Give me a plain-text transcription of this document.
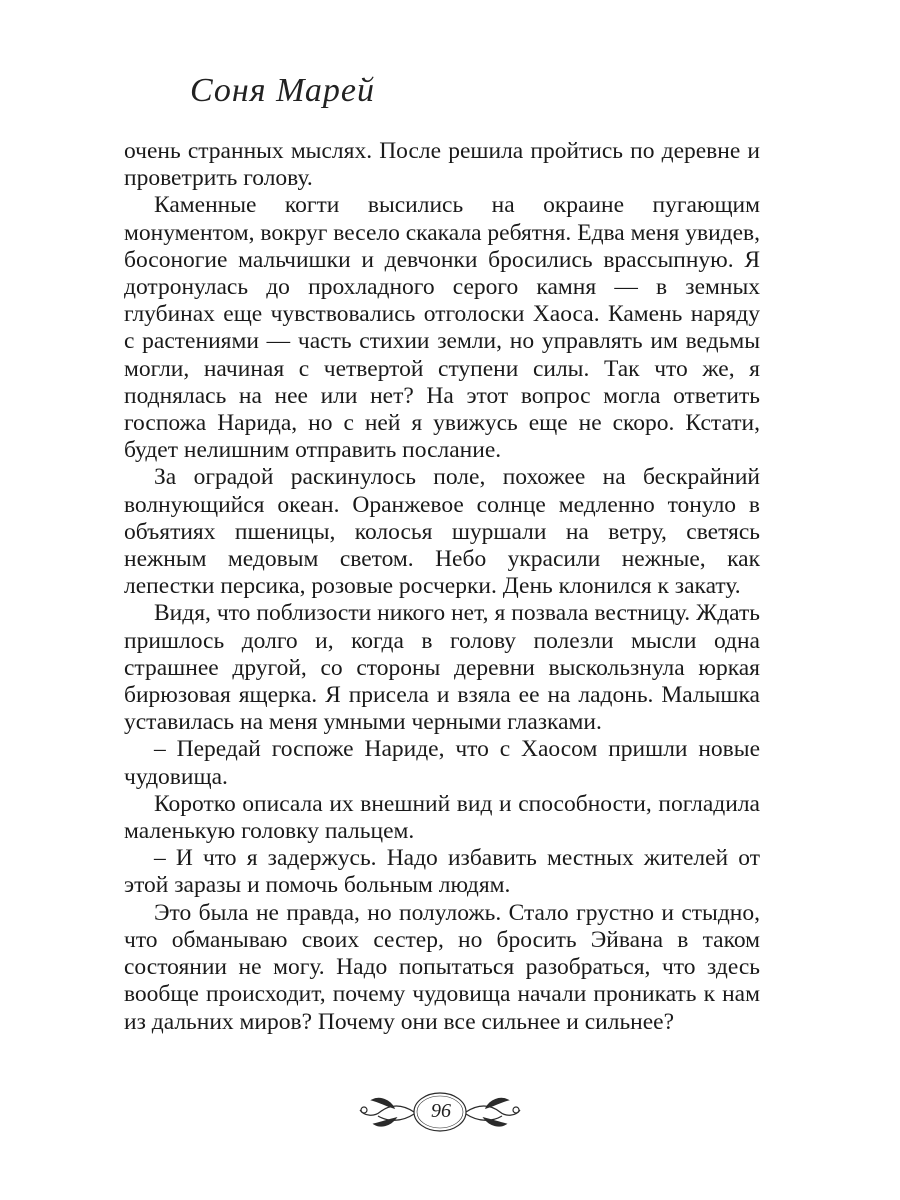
Соня Марей

очень странных мыслях. После решила пройтись по деревне и проветрить голову.

Каменные когти высились на окраине пугающим монументом, вокруг весело скакала ребятня. Едва меня увидев, босоногие мальчишки и девчонки бросились врассыпную. Я дотронулась до прохладного серого камня — в земных глубинах еще чувствовались отголоски Хаоса. Камень наряду с растениями — часть стихии земли, но управлять им ведьмы могли, начиная с четвертой ступени силы. Так что же, я поднялась на нее или нет? На этот вопрос могла ответить госпожа Нарида, но с ней я увижусь еще не скоро. Кстати, будет нелишним отправить послание.

За оградой раскинулось поле, похожее на бескрайний волнующийся океан. Оранжевое солнце медленно тонуло в объятиях пшеницы, колосья шуршали на ветру, светясь нежным медовым светом. Небо украсили нежные, как лепестки персика, розовые росчерки. День клонился к закату.

Видя, что поблизости никого нет, я позвала вестницу. Ждать пришлось долго и, когда в голову полезли мысли одна страшнее другой, со стороны деревни выскользнула юркая бирюзовая ящерка. Я присела и взяла ее на ладонь. Малышка уставилась на меня умными черными глазками.

– Передай госпоже Нариде, что с Хаосом пришли новые чудовища.

Коротко описала их внешний вид и способности, погладила маленькую головку пальцем.

– И что я задержусь. Надо избавить местных жителей от этой заразы и помочь больным людям.

Это была не правда, но полуложь. Стало грустно и стыдно, что обманываю своих сестер, но бросить Эйвана в таком состоянии не могу. Надо попытаться разобраться, что здесь вообще происходит, почему чудовища начали проникать к нам из дальних миров? Почему они все сильнее и сильнее?

96
